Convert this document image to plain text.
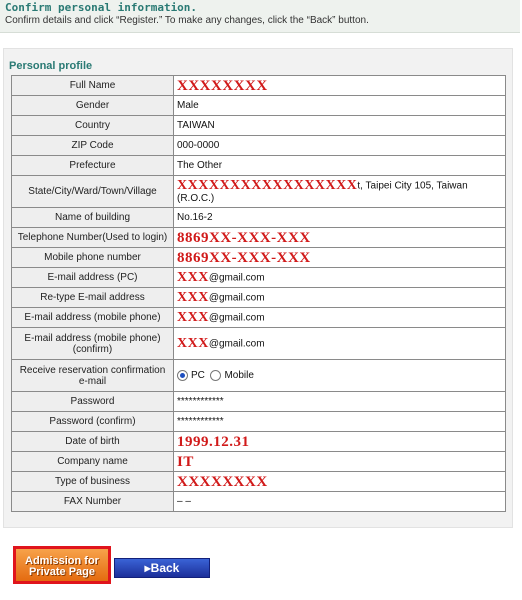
Confirm personal information.
Confirm details and click “Register.” To make any changes, click the “Back” button.
Personal profile
Full Name	XXXXXXXX
Gender	Male
Country	TAIWAN
ZIP Code	000-0000
Prefecture	The Other
State/City/Ward/Town/Village	XXXXXXXXXXXXXXXXXt, Taipei City 105, Taiwan (R.O.C.)
Name of building	No.16-2
Telephone Number(Used to login)	8869XX-XXX-XXX
Mobile phone number	8869XX-XXX-XXX
E-mail address (PC)	XXX@gmail.com
Re-type E-mail address	XXX@gmail.com
E-mail address (mobile phone)	XXX@gmail.com
E-mail address (mobile phone) (confirm)	XXX@gmail.com
Receive reservation confirmation e-mail	PC Mobile
Password	************
Password (confirm)	************
Date of birth	1999.12.31
Company name	IT
Type of business	XXXXXXXX
FAX Number	– –
Admission for Private Page	▸Back
